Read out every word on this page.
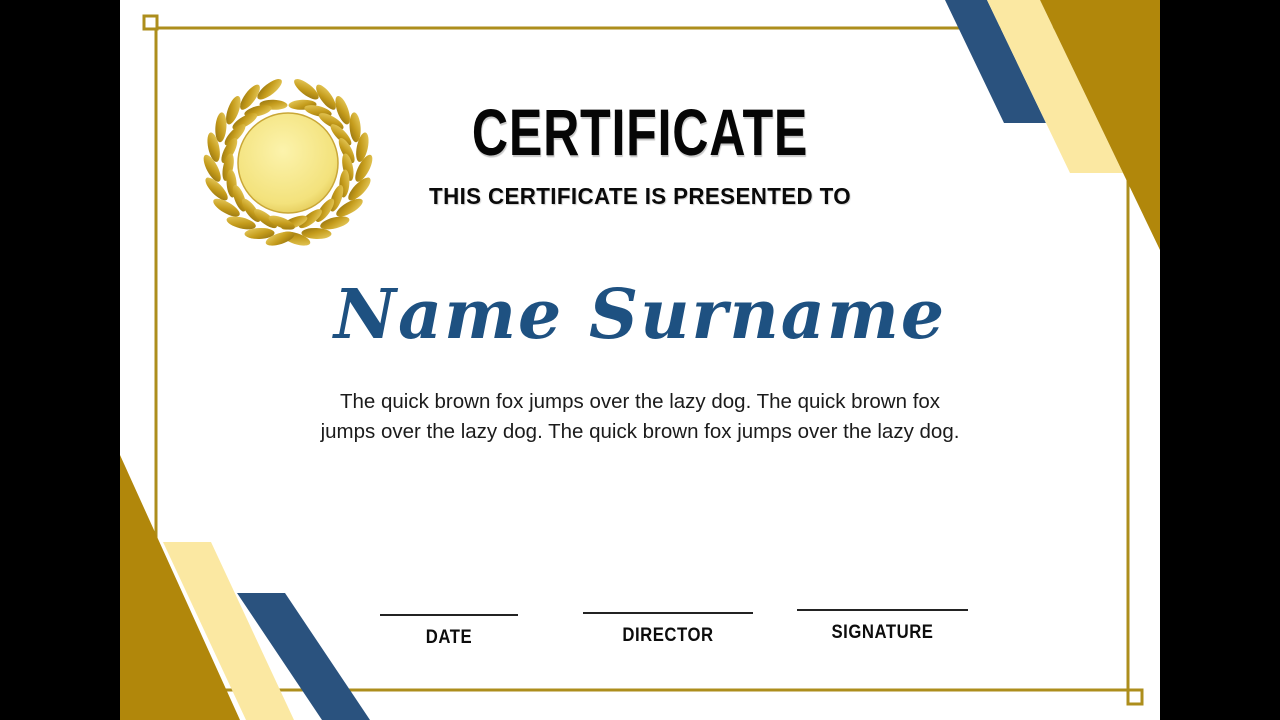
CERTIFICATE
THIS CERTIFICATE IS PRESENTED TO
Name Surname
The quick brown fox jumps over the lazy dog. The quick brown fox jumps over the lazy dog. The quick brown fox jumps over the lazy dog.
DATE	DIRECTOR	SIGNATURE
